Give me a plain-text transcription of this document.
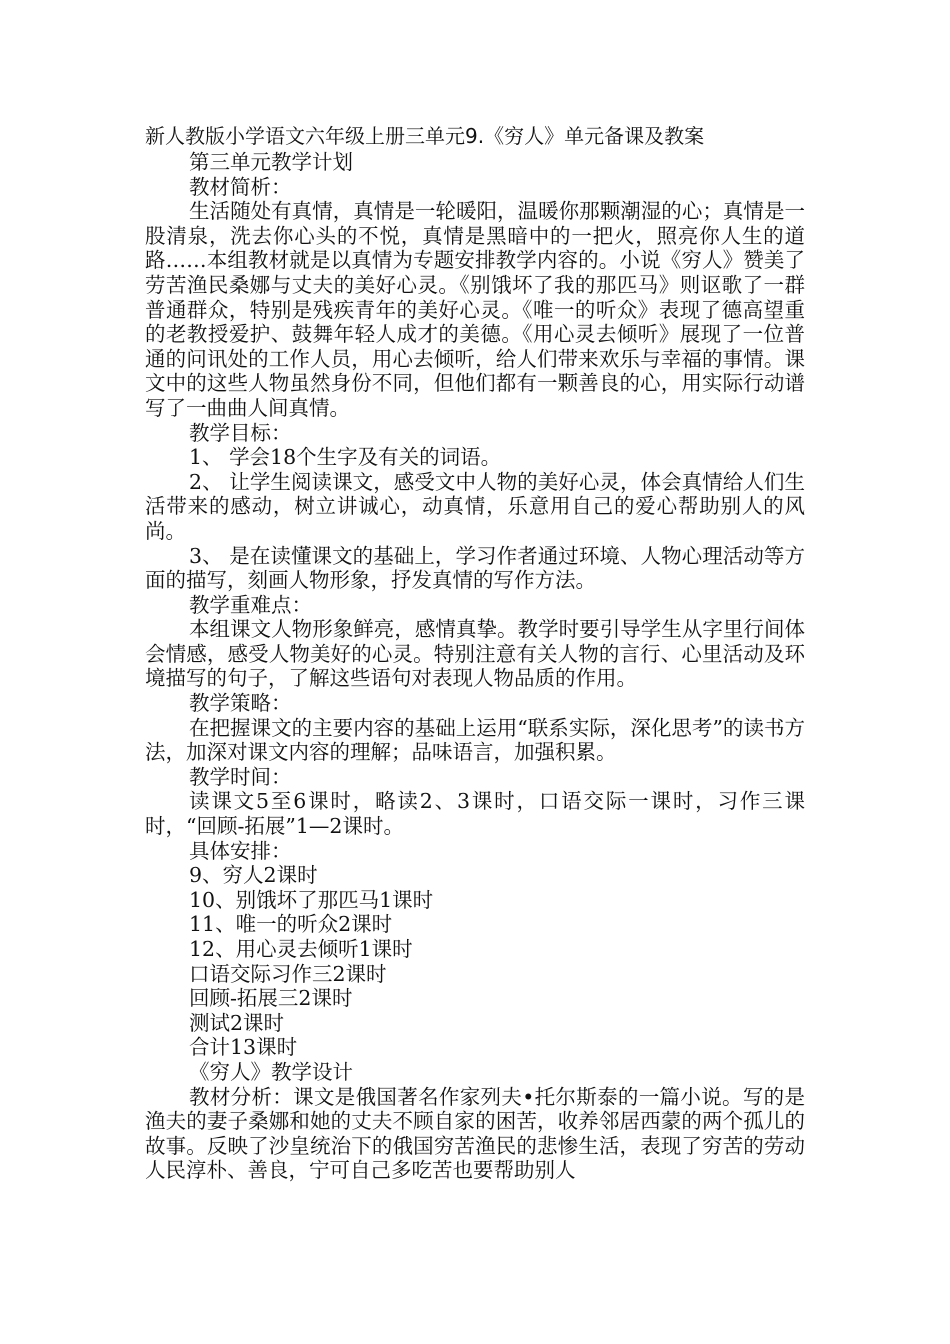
新人教版小学语文六年级上册三单元9.《穷人》单元备课及教案

第三单元教学计划

教材简析：

生活随处有真情，真情是一轮暖阳，温暖你那颗潮湿的心；真情是一股清泉，洗去你心头的不悦，真情是黑暗中的一把火，照亮你人生的道路……本组教材就是以真情为专题安排教学内容的。小说《穷人》赞美了劳苦渔民桑娜与丈夫的美好心灵。《别饿坏了我的那匹马》则讴歌了一群普通群众，特别是残疾青年的美好心灵。《唯一的听众》表现了德高望重的老教授爱护、鼓舞年轻人成才的美德。《用心灵去倾听》展现了一位普通的问讯处的工作人员，用心去倾听，给人们带来欢乐与幸福的事情。课文中的这些人物虽然身份不同，但他们都有一颗善良的心，用实际行动谱写了一曲曲人间真情。

教学目标：

1、 学会18个生字及有关的词语。

2、 让学生阅读课文，感受文中人物的美好心灵，体会真情给人们生活带来的感动，树立讲诚心，动真情，乐意用自己的爱心帮助别人的风尚。

3、 是在读懂课文的基础上，学习作者通过环境、人物心理活动等方面的描写，刻画人物形象，抒发真情的写作方法。

教学重难点：

本组课文人物形象鲜亮，感情真挚。教学时要引导学生从字里行间体会情感，感受人物美好的心灵。特别注意有关人物的言行、心里活动及环境描写的句子，了解这些语句对表现人物品质的作用。

教学策略：

在把握课文的主要内容的基础上运用“联系实际，深化思考”的读书方法，加深对课文内容的理解；品味语言，加强积累。

教学时间：

读课文5至6课时，略读2、3课时，口语交际一课时，习作三课时，“回顾-拓展”1—2课时。

具体安排：

9、穷人2课时

10、别饿坏了那匹马1课时

11、唯一的听众2课时

12、用心灵去倾听1课时

口语交际习作三2课时

回顾-拓展三2课时

测试2课时

合计13课时

《穷人》教学设计

教材分析：课文是俄国著名作家列夫•托尔斯泰的一篇小说。写的是渔夫的妻子桑娜和她的丈夫不顾自家的困苦，收养邻居西蒙的两个孤儿的故事。反映了沙皇统治下的俄国穷苦渔民的悲惨生活，表现了穷苦的劳动人民淳朴、善良，宁可自己多吃苦也要帮助别人
